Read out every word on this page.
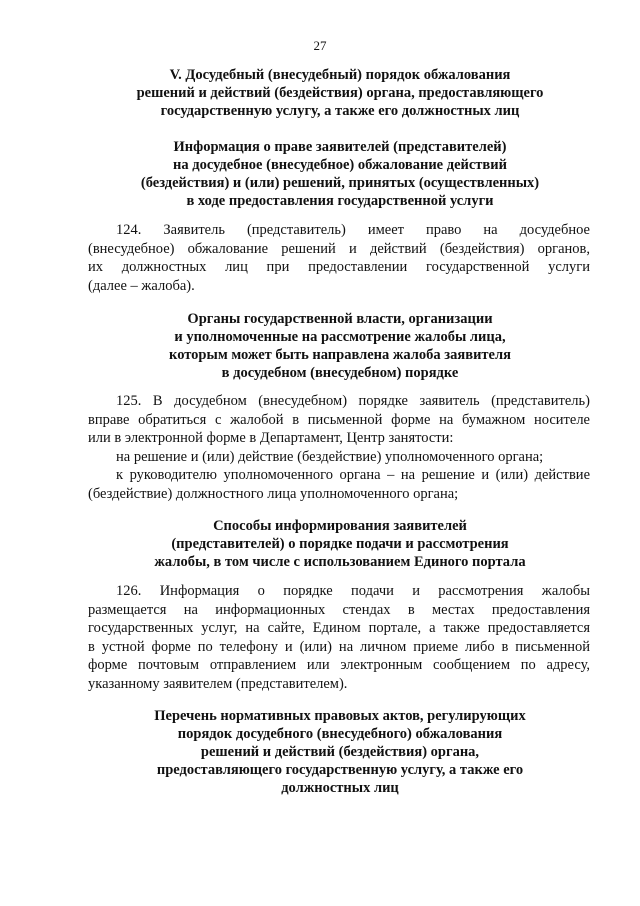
27
V. Досудебный (внесудебный) порядок обжалования
решений и действий (бездействия) органа, предоставляющего
государственную услугу, а также его должностных лиц
Информация о праве заявителей (представителей)
на досудебное (внесудебное) обжалование действий
(бездействия) и (или) решений, принятых (осуществленных)
в ходе предоставления государственной услуги
124. Заявитель (представитель) имеет право на досудебное
(внесудебное) обжалование решений и действий (бездействия) органов,
их должностных лиц при предоставлении государственной услуги
(далее – жалоба).
Органы государственной власти, организации
и уполномоченные на рассмотрение жалобы лица,
которым может быть направлена жалоба заявителя
в досудебном (внесудебном) порядке
125. В досудебном (внесудебном) порядке заявитель (представитель)
вправе обратиться с жалобой в письменной форме на бумажном носителе
или в электронной форме в Департамент, Центр занятости:
на решение и (или) действие (бездействие) уполномоченного органа;
к руководителю уполномоченного органа – на решение и (или) действие
(бездействие) должностного лица уполномоченного органа;
Способы информирования заявителей
(представителей) о порядке подачи и рассмотрения
жалобы, в том числе с использованием Единого портала
126. Информация о порядке подачи и рассмотрения жалобы
размещается на информационных стендах в местах предоставления
государственных услуг, на сайте, Едином портале, а также предоставляется
в устной форме по телефону и (или) на личном приеме либо в письменной
форме почтовым отправлением или электронным сообщением по адресу,
указанному заявителем (представителем).
Перечень нормативных правовых актов, регулирующих
порядок досудебного (внесудебного) обжалования
решений и действий (бездействия) органа,
предоставляющего государственную услугу, а также его
должностных лиц
